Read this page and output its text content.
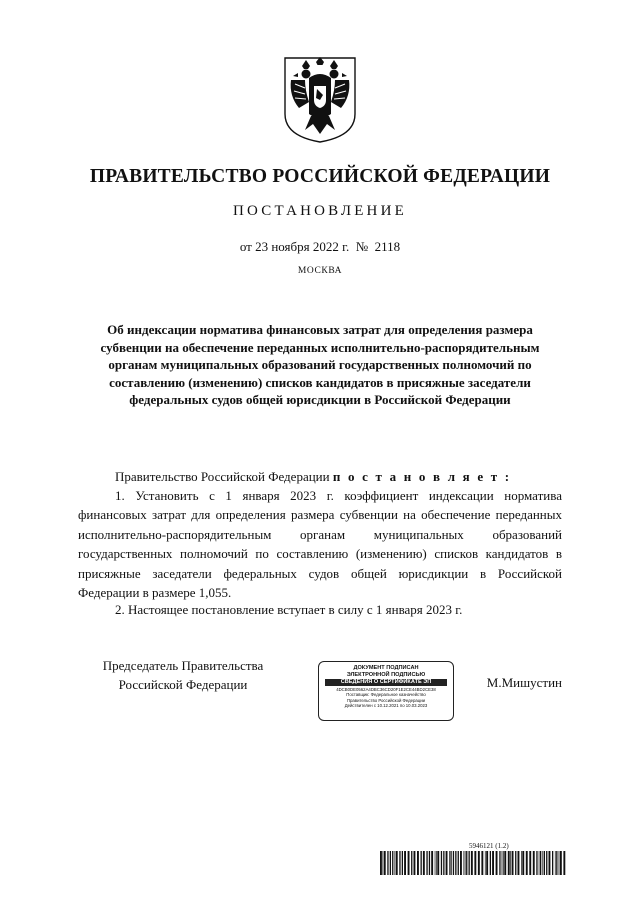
ПРАВИТЕЛЬСТВО РОССИЙСКОЙ ФЕДЕРАЦИИ
ПОСТАНОВЛЕНИЕ
от 23 ноября 2022 г.  №  2118
МОСКВА

Об индексации норматива финансовых затрат для определения размера субвенции на обеспечение переданных исполнительно-распорядительным органам муниципальных образований государственных полномочий по составлению (изменению) списков кандидатов в присяжные заседатели федеральных судов общей юрисдикции в Российской Федерации

Правительство Российской Федерации п о с т а н о в л я е т :

1. Установить с 1 января 2023 г. коэффициент индексации норматива финансовых затрат для определения размера субвенции на обеспечение переданных исполнительно-распорядительным органам муниципальных образований государственных полномочий по составлению (изменению) списков кандидатов в присяжные заседатели федеральных судов общей юрисдикции в Российской Федерации в размере 1,055.

2. Настоящее постановление вступает в силу с 1 января 2023 г.

Председатель Правительства
Российской Федерации
ДОКУМЕНТ ПОДПИСАН
ЭЛЕКТРОННОЙ ПОДПИСЬЮ
СВЕДЕНИЯ О СЕРТИФИКАТЕ ЭП
4DCB0DE0562A4DBC36CD20F1E2CE44BD2CE38
Поставщик: Федеральное казначейство
Правительство Российской Федерации
Действителен с 10.12.2021 по 10.03.2023
М.Мишустин
5946121 (1.2)
